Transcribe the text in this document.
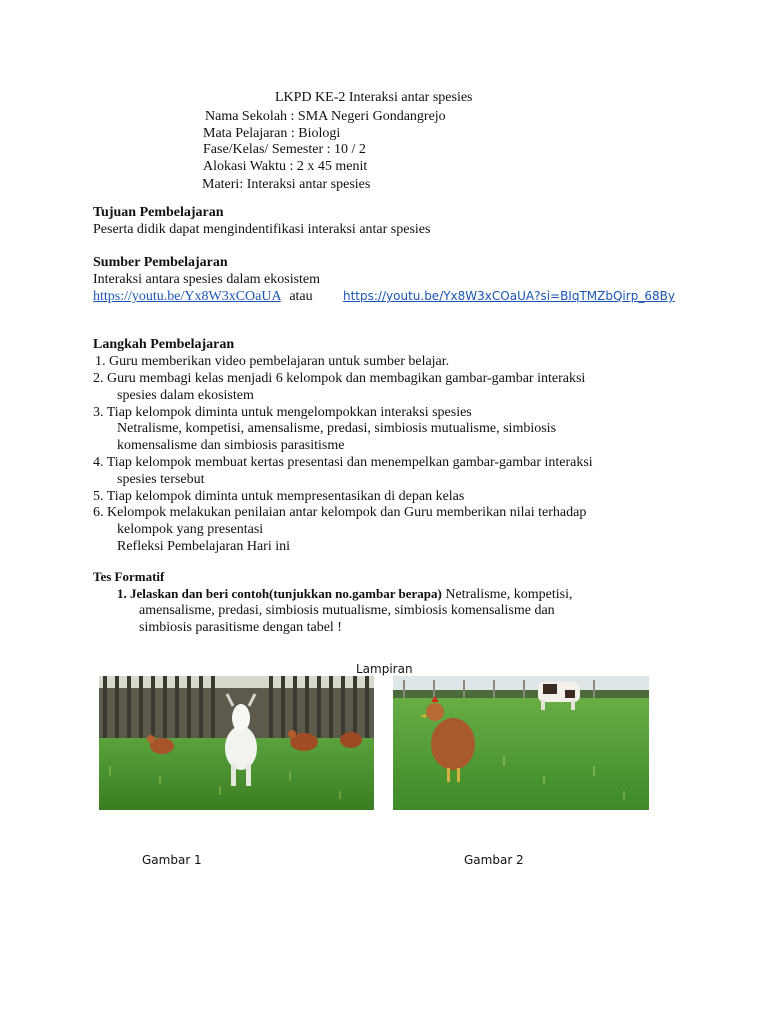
LKPD KE-2 Interaksi antar spesies
Nama Sekolah : SMA Negeri Gondangrejo
Mata Pelajaran : Biologi
Fase/Kelas/ Semester : 10 / 2
Alokasi Waktu : 2 x 45 menit
Materi: Interaksi antar spesies
Tujuan Pembelajaran
Peserta didik dapat mengindentifikasi interaksi antar spesies
Sumber Pembelajaran
Interaksi antara spesies dalam ekosistem
https://youtu.be/Yx8W3xCOaUA atau	https://youtu.be/Yx8W3xCOaUA?si=BIqTMZbQirp_68By
Langkah Pembelajaran
1. Guru memberikan video pembelajaran untuk sumber belajar.
2. Guru membagi kelas menjadi 6 kelompok dan membagikan gambar-gambar interaksi
spesies dalam ekosistem
3. Tiap kelompok diminta untuk mengelompokkan interaksi spesies
Netralisme, kompetisi, amensalisme, predasi, simbiosis mutualisme, simbiosis
komensalisme dan simbiosis parasitisme
4. Tiap kelompok membuat kertas presentasi dan menempelkan gambar-gambar interaksi
spesies tersebut
5. Tiap kelompok diminta untuk mempresentasikan di depan kelas
6. Kelompok melakukan penilaian antar kelompok dan Guru memberikan nilai terhadap
kelompok yang presentasi
Refleksi Pembelajaran Hari ini
Tes Formatif
1. Jelaskan dan beri contoh(tunjukkan no.gambar berapa) Netralisme, kompetisi,
amensalisme, predasi, simbiosis mutualisme, simbiosis komensalisme dan
simbiosis parasitisme dengan tabel !
Lampiran
Gambar 1	Gambar 2
